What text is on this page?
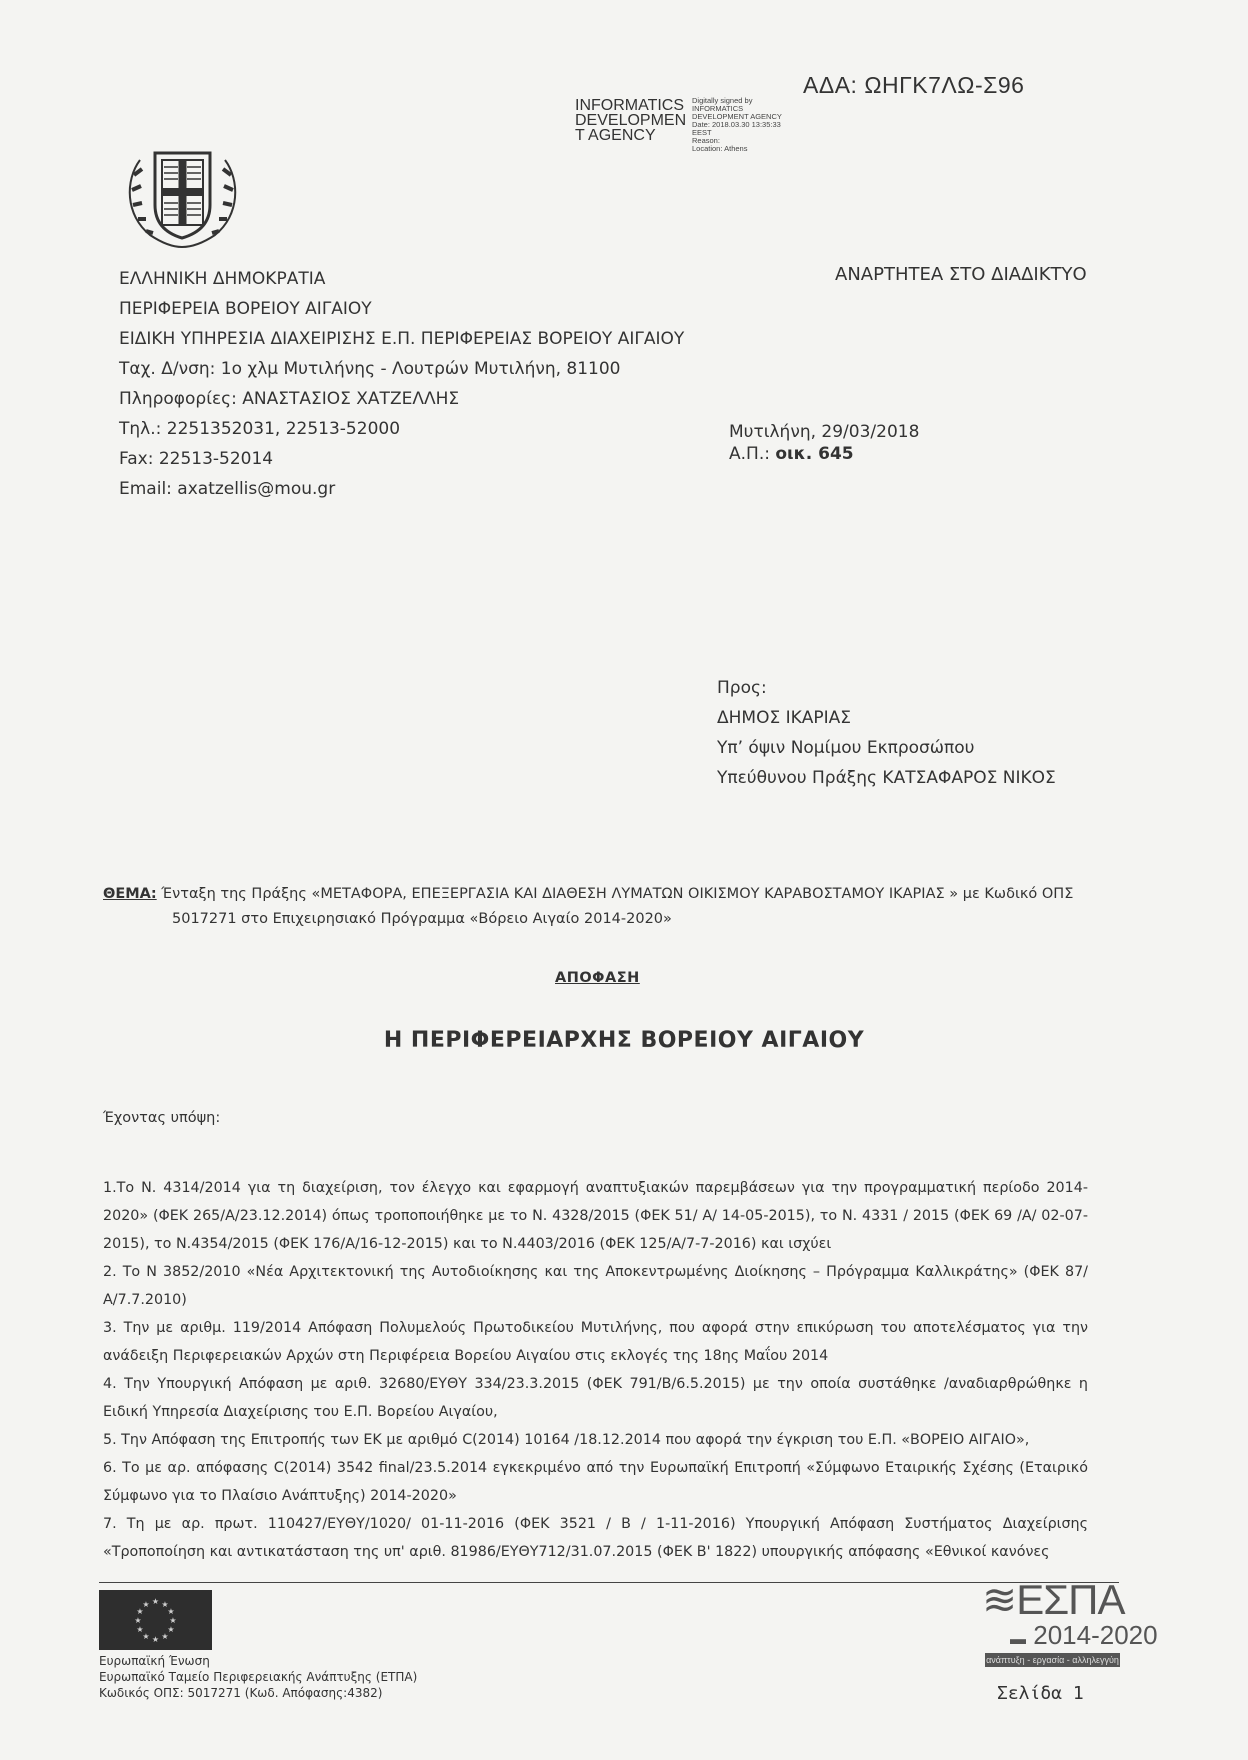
INFORMATICS
DEVELOPMEN
T AGENCY
Digitally signed by
INFORMATICS
DEVELOPMENT AGENCY
Date: 2018.03.30 13:35:33
EEST
Reason:
Location: Athens
ΑΔΑ: ΩΗΓΚ7ΛΩ-Σ96
ΕΛΛΗΝΙΚΗ ΔΗΜΟΚΡΑΤΙΑ
ΠΕΡΙΦΕΡΕΙΑ ΒΟΡΕΙΟΥ ΑΙΓΑΙΟΥ
ΕΙΔΙΚΗ ΥΠΗΡΕΣΙΑ ΔΙΑΧΕΙΡΙΣΗΣ Ε.Π. ΠΕΡΙΦΕΡΕΙΑΣ ΒΟΡΕΙΟΥ ΑΙΓΑΙΟΥ
Ταχ. Δ/νση: 1ο χλμ Μυτιλήνης - Λουτρών Μυτιλήνη, 81100
Πληροφορίες: ΑΝΑΣΤΑΣΙΟΣ ΧΑΤΖΕΛΛΗΣ
Τηλ.: 2251352031, 22513-52000
Fax: 22513-52014
Email: axatzellis@mou.gr
ΑΝΑΡΤΗΤΕΑ ΣΤΟ ΔΙΑΔΙΚΤΥΟ
Μυτιλήνη, 29/03/2018
Α.Π.: οικ. 645
Προς:
ΔΗΜΟΣ ΙΚΑΡΙΑΣ
Υπ’ όψιν Νομίμου Εκπροσώπου
Υπεύθυνου Πράξης ΚΑΤΣΑΦΑΡΟΣ ΝΙΚΟΣ
ΘΕΜΑ: Ένταξη της Πράξης «ΜΕΤΑΦΟΡΑ, ΕΠΕΞΕΡΓΑΣΙΑ ΚΑΙ ΔΙΑΘΕΣΗ ΛΥΜΑΤΩΝ ΟΙΚΙΣΜΟΥ ΚΑΡΑΒΟΣΤΑΜΟΥ ΙΚΑΡΙΑΣ » με Κωδικό ΟΠΣ
5017271 στο Επιχειρησιακό Πρόγραμμα «Βόρειο Αιγαίο 2014-2020»
ΑΠΟΦΑΣΗ
Η ΠΕΡΙΦΕΡΕΙΑΡΧΗΣ ΒΟΡΕΙΟΥ ΑΙΓΑΙΟΥ
Έχοντας υπόψη:

1.Το Ν. 4314/2014 για τη διαχείριση, τον έλεγχο και εφαρμογή αναπτυξιακών παρεμβάσεων για την προγραμματική περίοδο 2014-2020» (ΦΕΚ 265/Α/23.12.2014) όπως τροποποιήθηκε με το Ν. 4328/2015 (ΦΕΚ 51/ Α/ 14-05-2015), το Ν. 4331 / 2015 (ΦΕΚ 69 /Α/ 02-07-2015), το Ν.4354/2015 (ΦΕΚ 176/Α/16-12-2015) και το Ν.4403/2016 (ΦΕΚ 125/Α/7-7-2016) και ισχύει

2. Το Ν 3852/2010 «Νέα Αρχιτεκτονική της Αυτοδιοίκησης και της Αποκεντρωμένης Διοίκησης – Πρόγραμμα Καλλικράτης» (ΦΕΚ 87/Α/7.7.2010)

3. Την με αριθμ. 119/2014 Απόφαση Πολυμελούς Πρωτοδικείου Μυτιλήνης, που αφορά στην επικύρωση του αποτελέσματος για την ανάδειξη Περιφερειακών Αρχών στη Περιφέρεια Βορείου Αιγαίου στις εκλογές της 18ης Μαΐου 2014

4. Την Υπουργική Απόφαση με αριθ. 32680/ΕΥΘΥ 334/23.3.2015 (ΦΕΚ 791/Β/6.5.2015) με την οποία συστάθηκε /αναδιαρθρώθηκε η Ειδική Υπηρεσία Διαχείρισης του Ε.Π. Βορείου Αιγαίου,

5. Την Απόφαση της Επιτροπής των ΕΚ με αριθμό C(2014) 10164 /18.12.2014 που αφορά την έγκριση του Ε.Π. «ΒΟΡΕΙΟ ΑΙΓΑΙΟ»,

6. Το με αρ. απόφασης C(2014) 3542 final/23.5.2014 εγκεκριμένο από την Ευρωπαϊκή Επιτροπή «Σύμφωνο Εταιρικής Σχέσης (Εταιρικό Σύμφωνο για το Πλαίσιο Ανάπτυξης) 2014-2020»

7. Τη με αρ. πρωτ. 110427/ΕΥΘΥ/1020/ 01-11-2016 (ΦΕΚ 3521 / Β / 1-11-2016) Υπουργική Απόφαση Συστήματος Διαχείρισης «Τροποποίηση και αντικατάσταση της υπ' αριθ. 81986/ΕΥΘΥ712/31.07.2015 (ΦΕΚ Β' 1822) υπουργικής απόφασης «Εθνικοί κανόνες

★ ★
★
★
★
★
★
★
★
★
★
★
Ευρωπαϊκή Ένωση
Ευρωπαϊκό Ταμείο Περιφερειακής Ανάπτυξης (ΕΤΠΑ)
Κωδικός ΟΠΣ: 5017271 (Κωδ. Απόφασης:4382)
≋ΕΣΠΑ
▬ 2014-2020
ανάπτυξη - εργασία - αλληλεγγύη
Σελίδα 1
